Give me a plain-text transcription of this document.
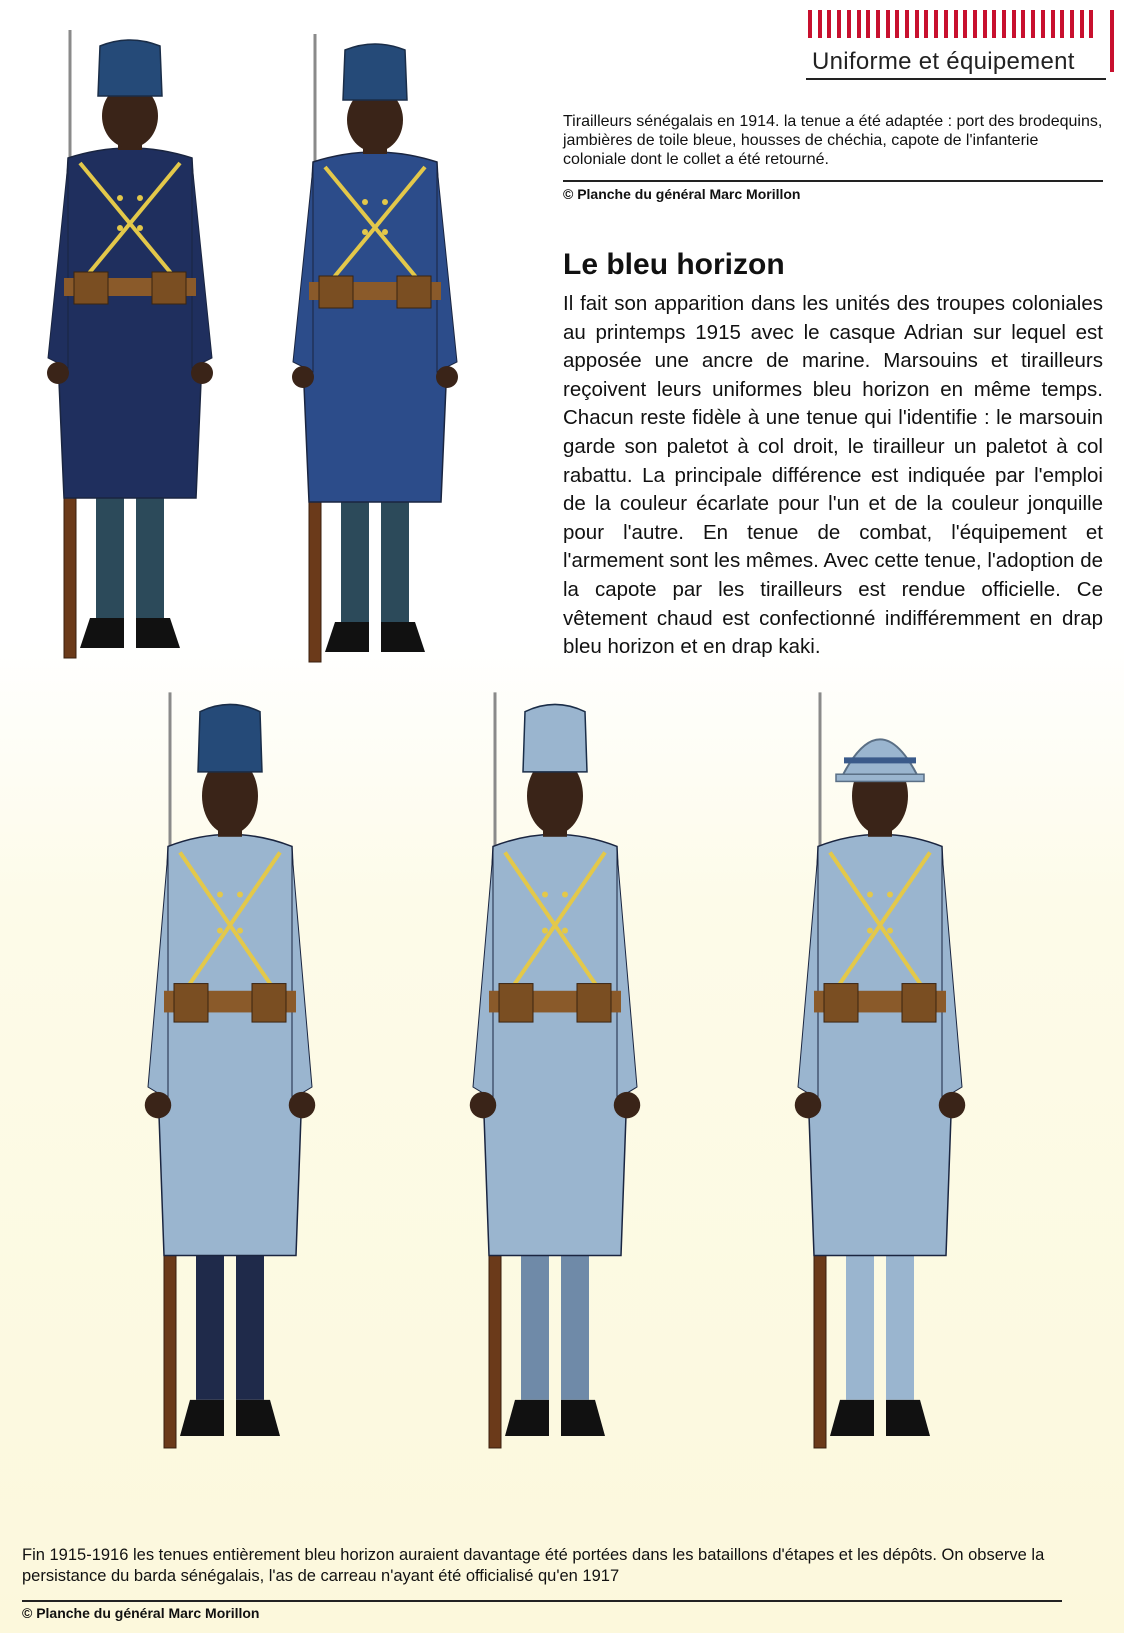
Uniforme et équipement
Tirailleurs sénégalais en 1914. la tenue a été adaptée : port des brodequins, jambières de toile bleue, housses de chéchia, capote de l'infanterie coloniale dont le collet a été retourné.
© Planche du général Marc Morillon
Le bleu horizon
Il fait son apparition dans les unités des troupes coloniales au printemps 1915 avec le casque Adrian sur lequel est apposée une ancre de marine. Marsouins et tirailleurs reçoivent leurs uniformes bleu horizon en même temps. Chacun reste fidèle à une tenue qui l'identifie : le marsouin garde son paletot à col droit, le tirailleur un paletot à col rabattu. La principale différence est indiquée par l'emploi de la couleur écarlate pour l'un et de la couleur jonquille pour l'autre. En tenue de combat, l'équipement et l'armement sont les mêmes. Avec cette tenue, l'adoption de la capote par les tirailleurs est rendue officielle. Ce vêtement chaud est confectionné indifféremment en drap bleu horizon et en drap kaki.
Fin 1915-1916 les tenues entièrement bleu horizon auraient davantage été portées dans les bataillons d'étapes et les dépôts. On observe la persistance du barda sénégalais, l'as de carreau n'ayant été officialisé qu'en 1917
© Planche du général Marc Morillon
